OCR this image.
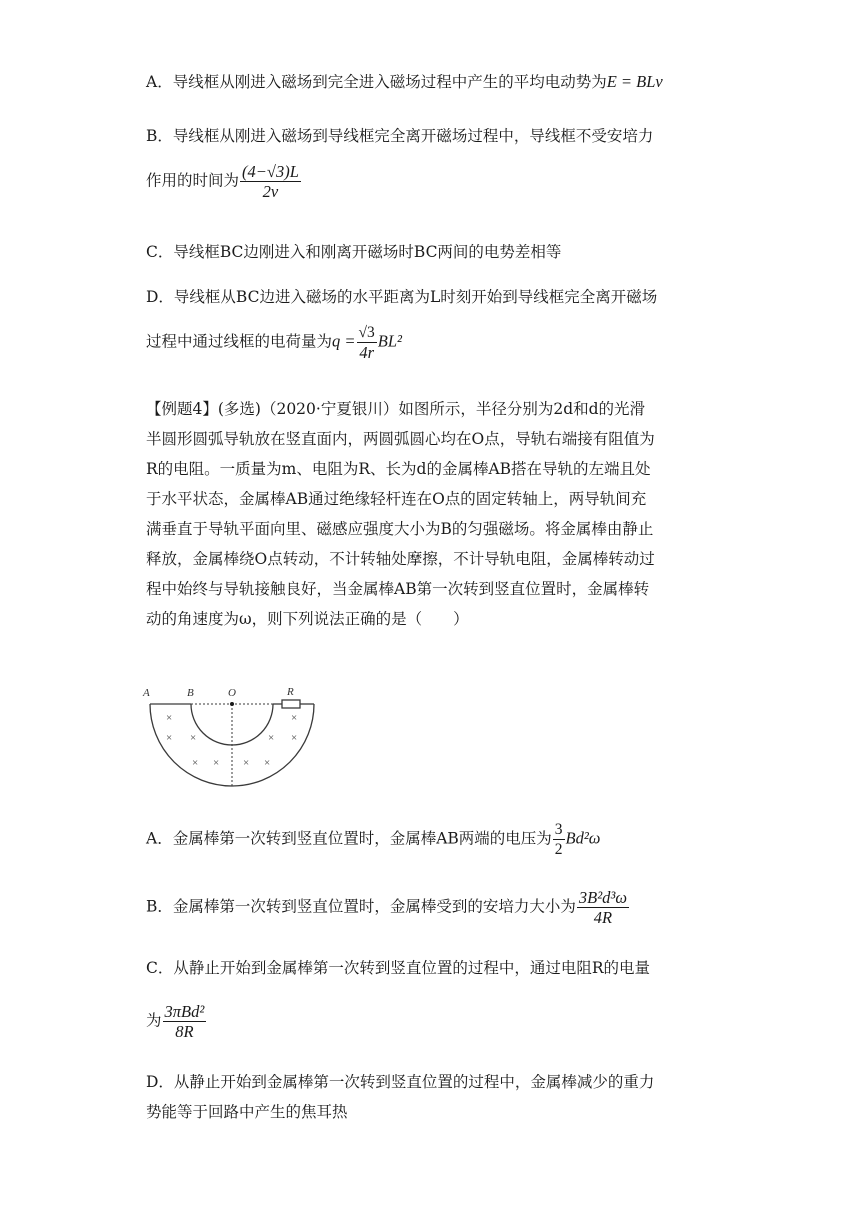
A．导线框从刚进入磁场到完全进入磁场过程中产生的平均电动势为E = BLv
B．导线框从刚进入磁场到导线框完全离开磁场过程中，导线框不受安培力
作用的时间为 $\frac{(4-√3)L}{2v}$
C．导线框BC边刚进入和刚离开磁场时BC两间的电势差相等
D．导线框从BC边进入磁场的水平距离为L时刻开始到导线框完全离开磁场
过程中通过线框的电荷量为$q = \frac{√3}{4r} BL^2$
【例题4】(多选)（2020·宁夏银川）如图所示，半径分别为2d和d的光滑
半圆形圆弧导轨放在竖直面内，两圆弧圆心均在O点，导轨右端接有阻值为
R的电阻。一质量为m、电阻为R、长为d的金属棒AB搭在导轨的左端且处
于水平状态，金属棒AB通过绝缘轻杆连在O点的固定转轴上，两导轨间充
满垂直于导轨平面向里、磁感应强度大小为B的匀强磁场。将金属棒由静止
释放，金属棒绕O点转动，不计转轴处摩擦，不计导轨电阻，金属棒转动过
程中始终与导轨接触良好，当金属棒AB第一次转到竖直位置时，金属棒转
动的角速度为ω，则下列说法正确的是（　　）
A	B	O	R
×	×
× ×	× ×
× × × ×
A．金属棒第一次转到竖直位置时，金属棒AB两端的电压为 $\frac{3}{2} Bd^2\omega$
B．金属棒第一次转到竖直位置时，金属棒受到的安培力大小为 $\frac{\text{3B²d³ω}}{4R}$
C．从静止开始到金属棒第一次转到竖直位置的过程中，通过电阻R的电量
为 $\frac{\text{3πBd²}}{8R}$
D．从静止开始到金属棒第一次转到竖直位置的过程中，金属棒减少的重力
势能等于回路中产生的焦耳热
